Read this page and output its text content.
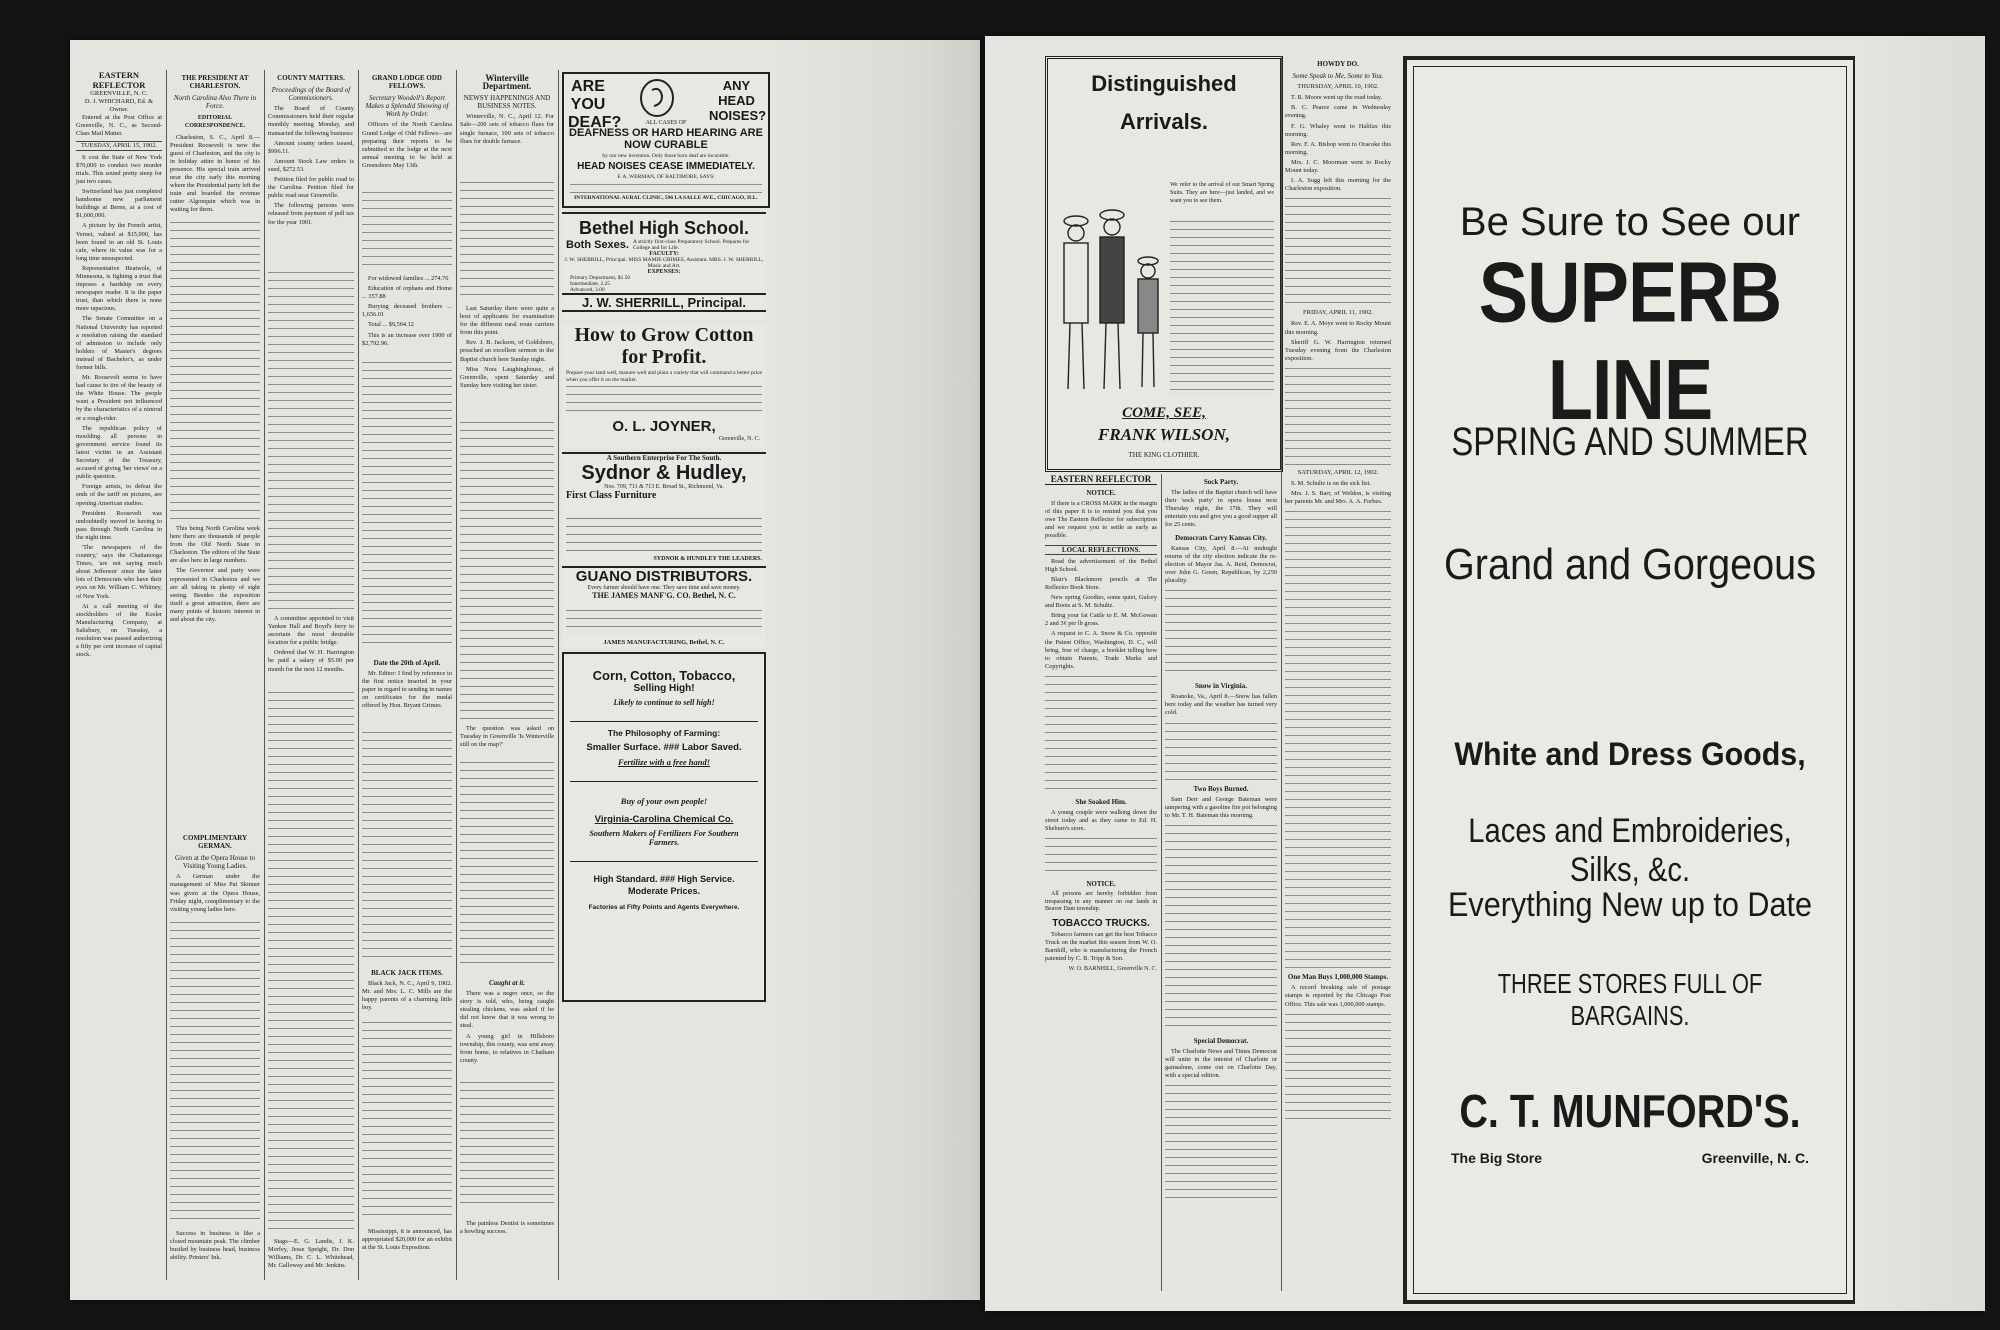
EASTERN REFLECTOR
GREENVILLE, N. C.
D. J. WHICHARD, Ed. & Owner.

Entered at the Post Office at Greenville, N. C., as Second-Class Mail Matter.

TUESDAY, APRIL 15, 1902.

It cost the State of New York $70,000 to conduct two murder trials. This sound pretty steep for just two cases.

Switzerland has just completed handsome new parliament buildings at Berne, at a cost of $1,600,000.

A picture by the French artist, Vernet, valued at $15,000, has been found in an old St. Louis cafe, where its value was for a long time unsuspected.

Representative Heatwole, of Minnesota, is fighting a trust that imposes a hardship on every newspaper reader. It is the paper trust, than which there is none more rapacious.

The Senate Committee on a National University has reported a resolution raising the standard of admission to include only holders of Master's degrees instead of Bachelor's, as under former bills.

Mr. Roosevelt seems to have had cause to tire of the beauty of the White House. The people want a President not influenced by the characteristics of a nimrod or a rough-rider.

The republican policy of moulding all persons in government service found its latest victim in an Assistant Secretary of the Treasury, accused of giving 'her views' on a public question.

Foreign artists, to defeat the ends of the tariff on pictures, are opening American studios.

President Roosevelt was undoubtedly moved in having to pass through North Carolina in the night time.

'The newspapers of the country,' says the Chattanooga Times, 'are not saying much about Jefferson' since the latter lots of Democrats who have their eyes on Mr. William C. Whitney, of New York.

At a call meeting of the stockholders of the Kesler Manufacturing Company, at Salisbury, on Tuesday, a resolution was passed authorizing a fifty per cent increase of capital stock.

THE PRESIDENT AT CHARLESTON.
North Carolina Also There in Force.
EDITORIAL CORRESPONDENCE.

Charleston, S. C., April 8.— President Roosevelt is now the guest of Charleston, and the city is in holiday attire in honor of his presence. His special train arrived near the city early this morning where the Presidential party left the train and boarded the revenue cutter Algonquin which was in waiting for them.

This being North Carolina week here there are thousands of people from the Old North State in Charleston. The editors of the State are also here in large numbers.

The Governor and party were represented in Charleston and we are all taking in plenty of sight seeing. Besides the exposition itself a great attraction, there are many points of historic interest in and about the city.

COMPLIMENTARY GERMAN.
Given at the Opera House to Visiting Young Ladies.

A German under the management of Miss Pat Skinner was given at the Opera House, Friday night, complimentary to the visiting young ladies here.

Success in business is like a closed mountain peak. The climber bustled by business head, business ability. Printers' Ink.

COUNTY MATTERS.
Proceedings of the Board of Commissioners.

The Board of County Commissioners held their regular monthly meeting Monday, and transacted the following business:

Amount county orders issued, $996.11.

Amount Stock Law orders is sued, $272.53.

Petition filed for public road to the Carolina. Petition filed for public road near Greenville.

The following persons were released from payment of poll tax for the year 1901.

A committee appointed to visit Yankee Hall and Boyd's ferry to ascertain the most desirable location for a public bridge.

Ordered that W. H. Harrington be paid a salary of $5.00 per month for the next 12 months.

Stags—E. G. Landis, J. K. Morfey, Jesse Speight, Dr. Don Williams, Dr. C. L. Whitehead, Mr. Galloway and Mr. Jenkins.

GRAND LODGE ODD FELLOWS.
Secretary Woodell's Report Makes a Splendid Showing of Work by Order.

Officers of the North Carolina Grand Lodge of Odd Fellows—are preparing their reports to be submitted to the lodge at the next annual meeting to be held at Greensboro May 13th.

For widowed families ... 274.76

Education of orphans and Home ... 357.88

Burying deceased brothers ... 1,656.01

Total ... $9,564.12

This is an increase over 1900 of $2,792.96.

Date the 20th of April.

Mr. Editor: I find by reference to the first notice inserted in your paper in regard to sending in names on certificates for the medal offered by Hon. Bryant Grimes.

BLACK JACK ITEMS.

Black Jack, N. C., April 9, 1902. Mr. and Mrs. L. C. Mills are the happy parents of a charming little boy.

Mississippi, it is announced, has appropriated $20,000 for an exhibit at the St. Louis Exposition.

Winterville Department.
NEWSY HAPPENINGS AND BUSINESS NOTES.

Winterville, N. C., April 12. For Sale—200 sets of tobacco flues for single furnace, 100 sets of tobacco flues for double furnace.

Last Saturday there were quite a host of applicants for examination for the different rural route carriers from this point.

Rev. J. B. Jackson, of Goldsboro, preached an excellent sermon in the Baptist church here Sunday night.

Miss Nora Laughinghouse, of Greenville, spent Saturday and Sunday here visiting her sister.

The question was asked on Tuesday in Greenville 'Is Winterville still on the map?'

Caught at it.

There was a negro once, so the story is told, who, being caught stealing chickens, was asked if he did not know that it was wrong to steal.

A young girl in Hillsboro township, this county, was sent away from home, to relatives in Chatham county.

The painless Dentist is sometimes a howling success.

ARE YOU DEAF?
ANY HEAD NOISES?
ALL CASES OF
DEAFNESS OR HARD HEARING ARE NOW CURABLE
by our new invention. Only those born deaf are incurable.
HEAD NOISES CEASE IMMEDIATELY.
F. A. WERMAN, OF BALTIMORE, SAYS:
INTERNATIONAL AURAL CLINIC, 596 LA SALLE AVE., CHICAGO, ILL.
Bethel High School.
Both Sexes. A strictly first-class Preparatory School. Prepares for College and for Life.
FACULTY:
J. W. SHERRILL, Principal. MISS MAMIE GRIMES, Assistant. MRS. J. W. SHERRILL, Music and Art.
EXPENSES:
Primary Department, $1.50
Intermediate, 2.25
Advanced, 3.00
J. W. SHERRILL, Principal.
How to Grow Cotton for Profit.
Prepare your land well, manure well and plant a variety that will command a better price when you offer it on the market.
O. L. JOYNER,
Greenville, N. C.
A Southern Enterprise For The South.
Sydnor & Hudley,
Nos. 709, 711 & 713 E. Broad St., Richmond, Va.
First Class Furniture
SYDNOR & HUNDLEY THE LEADERS.
GUANO DISTRIBUTORS.
Every farmer should have one. They save time and save money.
THE JAMES MANF'G. CO. Bethel, N. C.
JAMES MANUFACTURING, Bethel, N. C.
Corn, Cotton, Tobacco,
Selling High!
Likely to continue to sell high!
The Philosophy of Farming:
Smaller Surface. ### Labor Saved.
Fertilize with a free hand!
Buy of your own people!
Virginia-Carolina Chemical Co.
Southern Makers of Fertilizers For Southern Farmers.
High Standard. ### High Service.
Moderate Prices.
Factories at Fifty Points and Agents Everywhere.
Distinguished
Arrivals.
We refer to the arrival of our Smart Spring Suits. They are here—just landed, and we want you to see them.
COME, SEE,
FRANK WILSON,
THE KING CLOTHIER.
EASTERN REFLECTOR
NOTICE.

If there is a CROSS MARK in the margin of this paper it is to remind you that you owe The Eastern Reflector for subscription and we request you to settle as early as possible.

LOCAL REFLECTIONS.

Read the advertisement of the Bethel High School.

Blair's Blackmore pencils at The Reflector Book Store.

New spring Goodies, some quiet, Gulcey and Boots at S. M. Schultz.

Bring your fat Cattle to E. M. McGowan 2 and 3¢ per lb gross.

A request to C. A. Snow & Co. opposite the Patent Office, Washington, D. C., will bring, free of charge, a booklet telling how to obtain Patents, Trade Marks and Copyrights.

She Soaked Him.

A young couple were walking down the street today and as they came to Ed. H. Sheburn's store.

NOTICE.

All persons are hereby forbidden from trespassing in any manner on our lands in Beaver Dam township.

TOBACCO TRUCKS.

Tobacco farmers can get the best Tobacco Truck on the market this season from W. O. Barnhill, who is manufacturing the French patented by C. B. Tripp & Son.

W. O. BARNHILL, Greenville N. C.
Sock Party.

The ladies of the Baptist church will have their 'sock party' in opera house next Thursday night, the 17th. They will entertain you and give you a good supper all for 25 cents.

Democrats Carry Kansas City.

Kansas City, April 8.—At midnight returns of the city election indicate the re-election of Mayor Jas. A. Reid, Democrat, over John G. Green, Republican, by 2,250 plurality.

Snow in Virginia.

Roanoke, Va., April 8.—Snow has fallen here today and the weather has turned very cold.

Two Boys Burned.

Sam Derr and George Bateman were tampering with a gasoline fire pot belonging to Mr. T. H. Bateman this morning.

Special Democrat.

The Charlotte News and Times Democrat will unite in the interest of Charlotte or gainsalone, come out on Charlotte Day, with a special edition.

HOWDY DO.
Some Speak to Me, Some to You.
THURSDAY, APRIL 10, 1902.

T. R. Moore went up the road today.

B. C. Pearce came in Wednesday evening.

F. G. Whaley went to Halifax this morning.

Rev. F. A. Bishop went to Oracoke this morning.

Mrs. J. C. Moorman went to Rocky Mount today.

I. A. Sugg left this morning for the Charleston exposition.

FRIDAY, APRIL 11, 1902.

Rev. E. A. Moye went to Rocky Mount this morning.

Sheriff G. W. Harrington returned Tuesday evening from the Charleston exposition.

SATURDAY, APRIL 12, 1902.

S. M. Schultz is on the sick list.

Mrs. J. S. Barr, of Weldon, is visiting her parents Mr. and Mrs. A. A. Forbes.

One Man Buys 1,000,000 Stamps.

A record breaking sale of postage stamps is reported by the Chicago Post Office. This sale was 1,000,000 stamps.

Be Sure to See our
SUPERB LINE
SPRING AND SUMMER
Grand and Gorgeous
White and Dress Goods,
Laces and Embroideries, Silks, &c.
Everything New up to Date
THREE STORES FULL OF BARGAINS.
C. T. MUNFORD'S.
The Big Store	Greenville, N. C.
